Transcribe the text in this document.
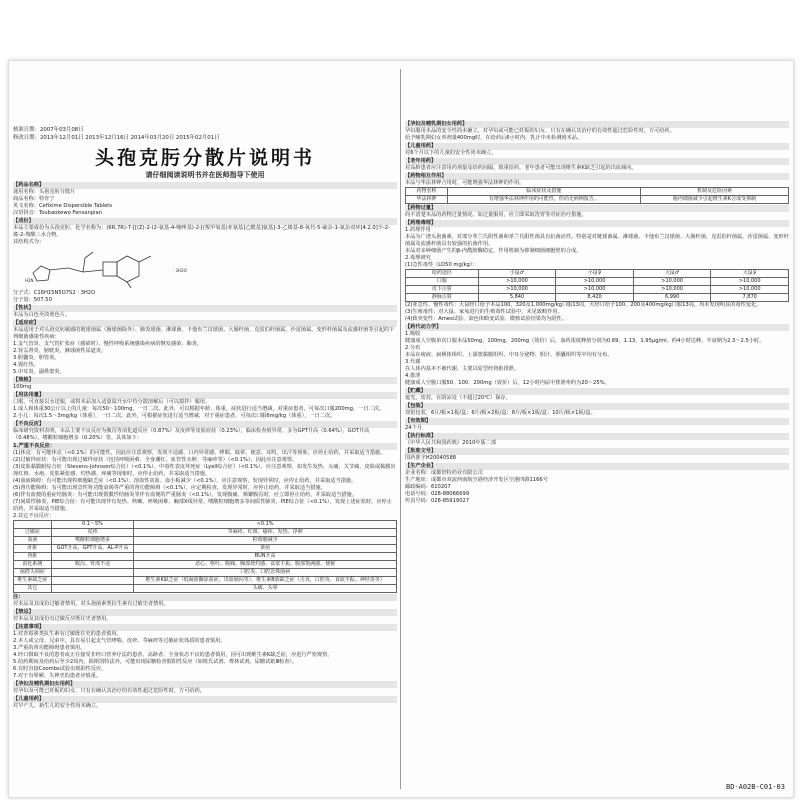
核准日期：2007年03月08日
修改日期：2013年12月01日 2013年12月16日 2014年03月20日 2015年02月01日
头孢克肟分散片说明书
请仔细阅读说明书并在医师指导下使用
【药品名称】
通用名称：头孢克肟分散片
商品名称：特肯宁
英文名称：Cefixime Dispersible Tablets
汉语拼音：Toubaokewo Fensanpian
【成份】
本品主要成份为头孢克肟，化学名称为：(6R,7R)-7-[[(Z)-2-(2-氨基-4-噻唑基)-2-[(羧甲氧基)亚氨基]乙酰基]氨基]-3-乙烯基-8-氧代-5-硫杂-1-氮杂双环[4.2.0]辛-2-烯-2-羧酸三水合物。
其结构式为：
H2N
· 3H2O
分子式：C16H15N5O7S2 · 3H2O
分子量：507.50
【性状】
本品为白色至淡黄色片。
【适应症】
本品适用于对头孢克肟敏感的链球菌属（肠球菌除外）、肺炎球菌、淋球菌、卡他布兰汉球菌、大肠杆菌、克雷伯杆菌属、沙雷菌属、变形杆菌属及流感杆菌等引起的下列细菌感染性疾病：
1.支气管炎、支气管扩张症（感染时）、慢性呼吸系统感染疾病的继发感染、肺炎。
2.肾盂肾炎、膀胱炎、淋球菌性尿道炎。
3.胆囊炎、胆管炎。
4.猩红热。
5.中耳炎、副鼻窦炎。
【规格】
100mg
【用法用量】
口服，可直接以水送服，或将本品加入适量温开水中待分散溶解后（可以搅拌）服用。
1.成人和体重30公斤以上的儿童：每次50～100mg，一日二次。此外，可以根据年龄、体重、症状进行适当增减，对重症患者，可每次口服200mg，一日二次。
2.小儿：每次1.5～3mg/kg（体重），一日二次。此外，可根据症状进行适当增减，对于重症患者，可每次口服6mg/kg（体重），一日二次。
【不良反应】
临床研究资料表明，本品主要不良反应为腹泻等消化道反应（0.87%）及皮疹等皮肤症状（0.23%），临床检查值异常，多为GPT升高（0.64%），GOT升高（0.48%），嗜酸粒细胞增多（0.20%）等。具体如下：
1.严重不良反应：
(1)休克：有可能休克（<0.1%）的可能性，因此应注意观察，发现不适感、口内异常感、哮喘、眩晕、便意、耳鸣、出汗等现象，应停止给药，并采取适当措施。
(2)过敏样症状：有可能出现过敏样症状（包括呼吸困难、全身潮红、血管性水肿、荨麻疹等）（<0.1%），因此应注意观察。
(3)皮肤黏膜眼综合征（Stevens-Johnson综合征）（<0.1%）、中毒性表皮坏死症（Lyell综合征）（<0.1%），应注意观察，如发生发热、头痛、关节痛、皮肤或黏膜出现红斑、水疱、皮肤紧张感、灼热感、疼痛等现象时，应停止给药，并采取适当措施。
(4)血液障碍：有可能出现粒细胞缺乏症（<0.1%）、溶血性贫血、血小板减少（<0.1%），应注意观察，发现异常时，应停止给药，并采取适当措施。
(5)肾功能障碍：有可能出现急性肾功能衰竭等严重的肾功能障碍（<0.1%），应定期检查，发现异常时，应停止给药，并采取适当措施。
(6)伴有血便的重症结肠炎：有可能出现假膜性结肠炎等伴有血便的严重肠炎（<0.1%），发现腹痛、频繁腹泻时，应立即停止给药，并采取适当措施。
(7)间质性肺炎、PIE综合征：有可能出现伴有发热、咳嗽、呼吸困难、胸部X线异常、嗜酸粒细胞增多等间质性肺炎、PIE综合征（<0.1%），发现上述症状时，应停止给药，并采取适当措施。
2.其它不良反应：
	0.1～5%	<0.1%
过敏症	皮疹	荨麻疹、红斑、瘙痒、发热、浮肿
血液	嗜酸粒细胞增多	粒细胞减少
肝脏	GOT升高、GPT升高、AL-P升高	黄疸
肾脏		BUN升高
消化系统	腹泻、胃部不适	恶心、呕吐、腹痛、胸部烧灼感、食欲不振、腹部饱满感、便秘
菌群失调症		口腔炎、口腔念珠菌病
维生素缺乏症		维生素K缺乏症（低凝血酶原血症、出血倾向等）、维生素B族缺乏症（舌炎、口腔炎、食欲不振、神经炎等）
其它		头痛、头晕
注：
对本品及其成份过敏者禁用。对头孢菌素类抗生素有过敏史者禁用。
【禁忌】
对本品及其成份有过敏反应既往史者禁用。
【注意事项】
1.对青霉素类抗生素有过敏既往史的患者慎用。
2.本人或父母、兄弟中，具有易引起支气管哮喘、皮疹、荨麻疹等过敏症状体质的患者慎用。
3.严重的肾功能障碍患者慎用。
4.经口摄取不良的患者或正在接受非经口营养疗法的患者、高龄者、全身状态不良的患者慎用，因可出现维生素K缺乏症，应进行严密观察。
5.给药期间及给药后至少2周内，除斯凯特法外，可能出现尿糖检查假阳性反应（如班氏试剂、费林试剂、尿糖试纸Ⅲ检查）。
6.有时直接Coombs试验出现阳性反应。
7.对于有晕厥、失神史的患者应慎重。
【孕妇及哺乳期妇女用药】
对孕妇及可能已妊娠的妇女，只有在确认其治疗的有效性超过危险性时，方可给药。
【儿童用药】
对早产儿、新生儿的安全性尚未确立。
【孕妇及哺乳期妇女用药】
孕妇服用本品的安全性尚未确立。对孕妇或可能已妊娠的妇女，只有在确认其治疗的有效性超过危险性时，方可给药。
给予哺乳期妇女单剂量400mg时，在给药后6小时内，乳汁中未检测到本品。
【儿童用药】
对6个月以下的儿童的安全性尚未确立。
【老年用药】
对高龄患者应注意用药剂量及给药间隔，慎重给药。老年患者可能出现维生素K缺乏引起的出血倾向。
【药物相互作用】
本品与华法林钾合用时，可能增强华法林钾的作用。
药物名称	临床症状及措施	机制及危险因素
华法林钾	有增强华法林钾作用的可能性，但尚无病例报告。	肠内细菌减少引起维生素K合成受抑制
【药物过量】
尚不清楚本品的药物过量情况。如过量服用，应立即采取洗胃等对症治疗措施。
【药理毒理】
1.药理作用
本品为广谱头孢菌素，对部分革兰氏阴性菌和革兰氏阳性菌具有抗菌活性。特别是对链球菌属、淋球菌、卡他布兰汉球菌、大肠杆菌、克雷伯杆菌属、沙雷菌属、变形杆菌属及流感杆菌具有较强的抗菌作用。
本品对多种细菌产生的β-内酰胺酶稳定，作用机制为抑制细菌细胞壁的合成。
2.毒理研究
(1)急性毒性（LD50 mg/kg）：
给药途径	小鼠♂	小鼠♀	大鼠♂	大鼠♀
口服	>10,000	>10,000	>10,000	>10,000
皮下注射	>10,000	>10,000	>10,000	>10,000
静脉注射	5,840	8,420	6,990	7,870
(2)亚急性、慢性毒性：大鼠经口给予本品100、320及1,000mg/kg口服13周，犬经口给予100、200及400mg/kg口服13周，均未发现明显的毒性变化。
(3)生殖毒性：对大鼠、家兔进行的生殖毒性试验中，未见致畸作用。
(4)致突变性：Ames试验、染色体畸变试验、微核试验结果均为阴性。
【药代动力学】
1.吸收
健康成人空腹单次口服本品50mg、100mg、200mg（效价）后，血药浓度峰值分别为0.69、1.13、1.95μg/ml，约4小时达峰，半衰期为2.3～2.5小时。
2.分布
本品在痰液、扁桃体组织、上颌窦黏膜组织、中耳分泌物、胆汁、胆囊组织等中均有分布。
3.代谢
在人体内基本不被代谢，主要以原型经肾脏排泄。
4.排泄
健康成人空腹口服50、100、200mg（效价）后，12小时内尿中排泄率约为20～25%。
【贮藏】
遮光，密封，在阴凉处（不超过20℃）保存。
【包装】
双铝包装，6片/板×1板/盒；6片/板×2板/盒；8片/板×1板/盒；10片/板×1板/盒。
【有效期】
24个月
【执行标准】
《中华人民共和国药典》2010年版二部
【批准文号】
国药准字H20040588
【生产企业】
企业名称：成都倍特药业有限公司
生产地址：成都市双流西南航空港经济开发区空港四路1166号
邮政编码：610207
电话号码：028-88066699
传真号码：028-85919027
BD-A02B-C01-03
